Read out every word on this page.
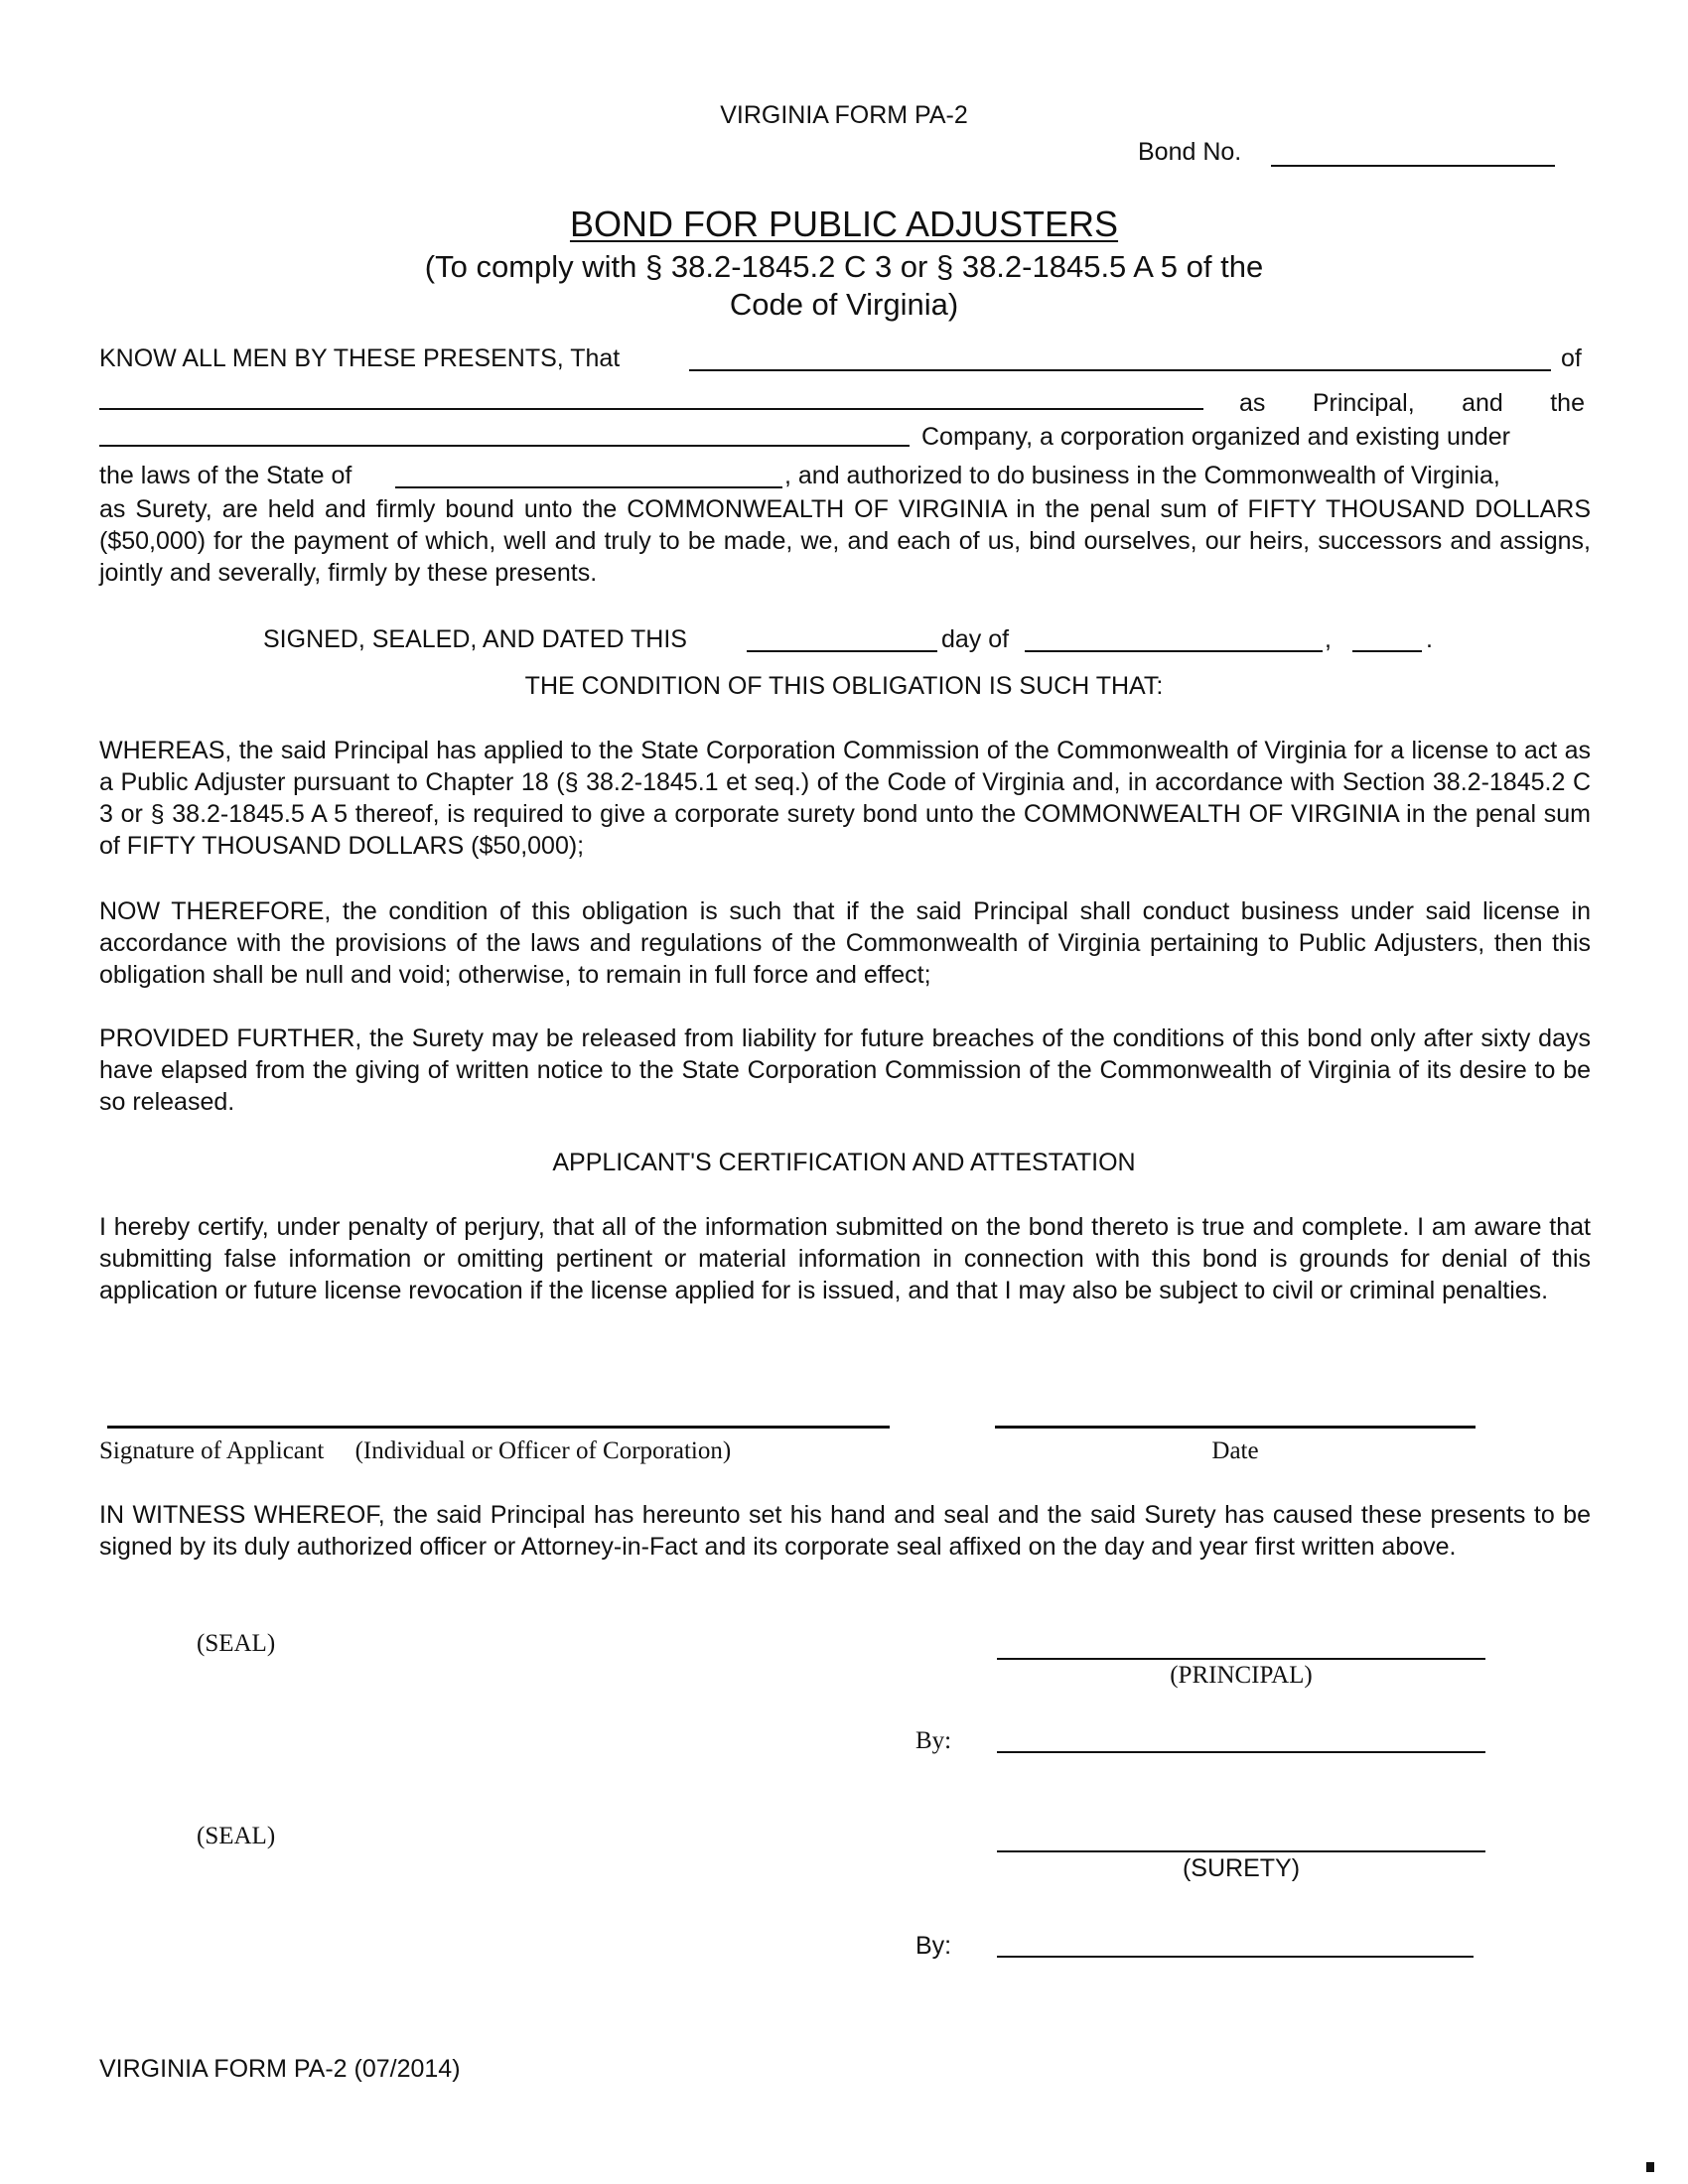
VIRGINIA FORM PA-2
Bond No.
BOND FOR PUBLIC ADJUSTERS
(To comply with § 38.2-1845.2 C 3 or § 38.2-1845.5 A 5 of the
Code of Virginia)
KNOW ALL MEN BY THESE PRESENTS, That	of
as Principal, and the
Company, a corporation organized and existing under
the laws of the State of	, and authorized to do business in the Commonwealth of Virginia,
as Surety, are held and firmly bound unto the COMMONWEALTH OF VIRGINIA in the penal sum of FIFTY THOUSAND DOLLARS ($50,000) for the payment of which, well and truly to be made, we, and each of us, bind ourselves, our heirs, successors and assigns, jointly and severally, firmly by these presents.
SIGNED, SEALED, AND DATED THIS	day of	,	.
THE CONDITION OF THIS OBLIGATION IS SUCH THAT:
WHEREAS, the said Principal has applied to the State Corporation Commission of the Commonwealth of Virginia for a license to act as a Public Adjuster pursuant to Chapter 18 (§ 38.2-1845.1 et seq.) of the Code of Virginia and, in accordance with Section 38.2-1845.2 C 3 or § 38.2-1845.5 A 5 thereof, is required to give a corporate surety bond unto the COMMONWEALTH OF VIRGINIA in the penal sum of FIFTY THOUSAND DOLLARS ($50,000);
NOW THEREFORE, the condition of this obligation is such that if the said Principal shall conduct business under said license in accordance with the provisions of the laws and regulations of the Commonwealth of Virginia pertaining to Public Adjusters, then this obligation shall be null and void; otherwise, to remain in full force and effect;
PROVIDED FURTHER, the Surety may be released from liability for future breaches of the conditions of this bond only after sixty days have elapsed from the giving of written notice to the State Corporation Commission of the Commonwealth of Virginia of its desire to be so released.
APPLICANT'S CERTIFICATION AND ATTESTATION
I hereby certify, under penalty of perjury, that all of the information submitted on the bond thereto is true and complete. I am aware that submitting false information or omitting pertinent or material information in connection with this bond is grounds for denial of this application or future license revocation if the license applied for is issued, and that I may also be subject to civil or criminal penalties.
Signature of Applicant     (Individual or Officer of Corporation)	Date
IN WITNESS WHEREOF, the said Principal has hereunto set his hand and seal and the said Surety has caused these presents to be signed by its duly authorized officer or Attorney-in-Fact and its corporate seal affixed on the day and year first written above.
(SEAL)
(PRINCIPAL)
By:
(SEAL)
(SURETY)
By:
VIRGINIA FORM PA-2 (07/2014)
